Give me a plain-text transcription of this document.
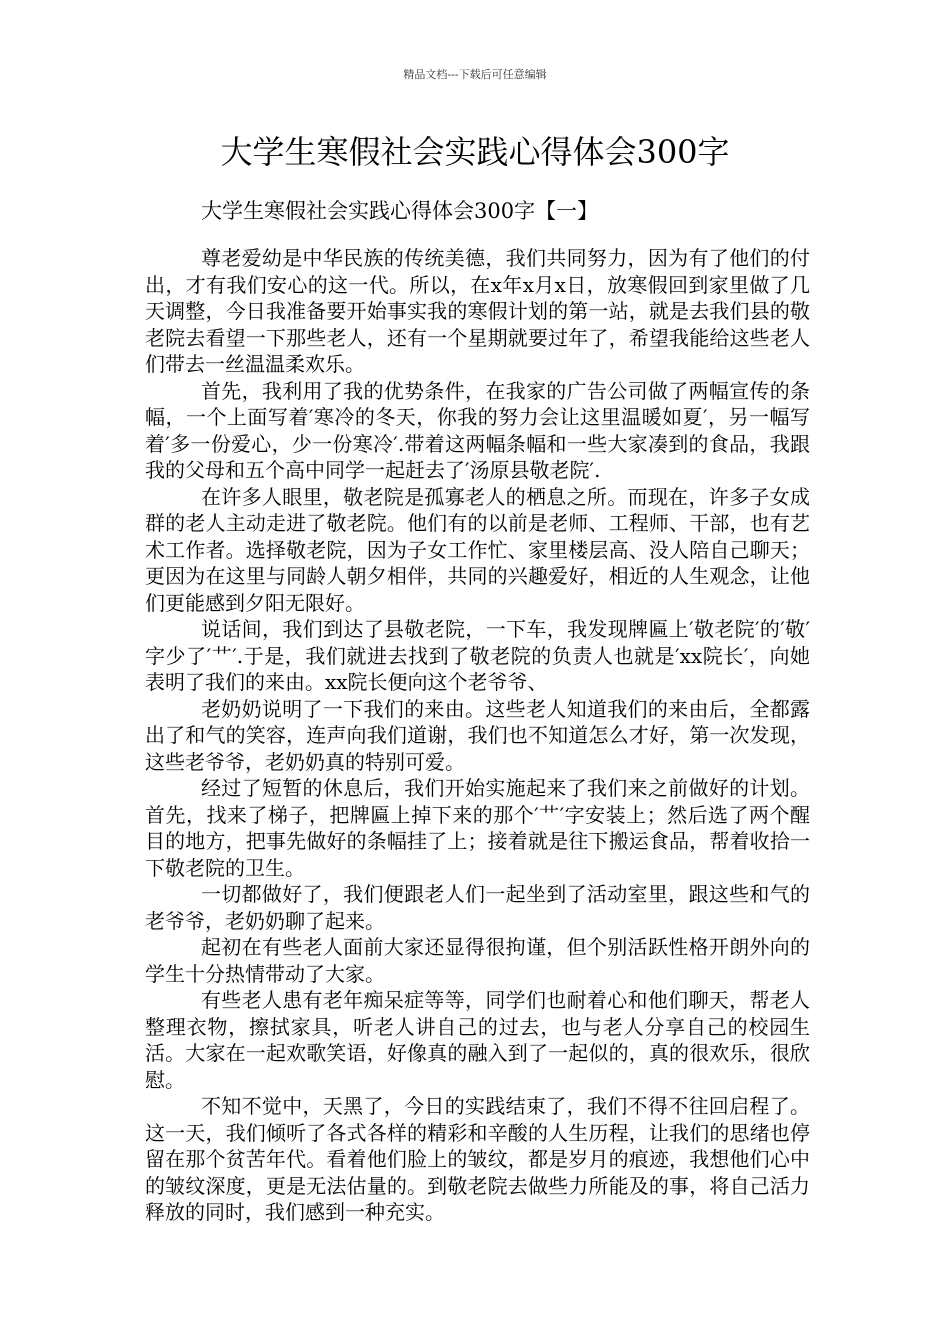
精品文档---下载后可任意编辑
大学生寒假社会实践心得体会300字
大学生寒假社会实践心得体会300字【一】

尊老爱幼是中华民族的传统美德，我们共同努力，因为有了他们的付出，才有我们安心的这一代。所以，在x年x月x日，放寒假回到家里做了几天调整，今日我准备要开始事实我的寒假计划的第一站，就是去我们县的敬老院去看望一下那些老人，还有一个星期就要过年了，希望我能给这些老人们带去一丝温温柔欢乐。

首先，我利用了我的优势条件，在我家的广告公司做了两幅宣传的条幅，一个上面写着′寒冷的冬天，你我的努力会让这里温暖如夏′，另一幅写着′多一份爱心，少一份寒冷′.带着这两幅条幅和一些大家凑到的食品，我跟我的父母和五个高中同学一起赶去了′汤原县敬老院′.

在许多人眼里，敬老院是孤寡老人的栖息之所。而现在，许多子女成群的老人主动走进了敬老院。他们有的以前是老师、工程师、干部，也有艺术工作者。选择敬老院，因为子女工作忙、家里楼层高、没人陪自己聊天；更因为在这里与同龄人朝夕相伴，共同的兴趣爱好，相近的人生观念，让他们更能感到夕阳无限好。

说话间，我们到达了县敬老院，一下车，我发现牌匾上′敬老院′的′敬′字少了′艹′.于是，我们就进去找到了敬老院的负责人也就是′xx院长′，向她表明了我们的来由。xx院长便向这个老爷爷、

老奶奶说明了一下我们的来由。这些老人知道我们的来由后，全都露出了和气的笑容，连声向我们道谢，我们也不知道怎么才好，第一次发现，这些老爷爷，老奶奶真的特别可爱。

经过了短暂的休息后，我们开始实施起来了我们来之前做好的计划。首先，找来了梯子，把牌匾上掉下来的那个′艹′字安装上；然后选了两个醒目的地方，把事先做好的条幅挂了上；接着就是往下搬运食品，帮着收拾一下敬老院的卫生。

一切都做好了，我们便跟老人们一起坐到了活动室里，跟这些和气的老爷爷，老奶奶聊了起来。

起初在有些老人面前大家还显得很拘谨，但个别活跃性格开朗外向的学生十分热情带动了大家。

有些老人患有老年痴呆症等等，同学们也耐着心和他们聊天，帮老人整理衣物，擦拭家具，听老人讲自己的过去，也与老人分享自己的校园生活。大家在一起欢歌笑语，好像真的融入到了一起似的，真的很欢乐，很欣慰。

不知不觉中，天黑了，今日的实践结束了，我们不得不往回启程了。这一天，我们倾听了各式各样的精彩和辛酸的人生历程，让我们的思绪也停留在那个贫苦年代。看着他们脸上的皱纹，都是岁月的痕迹，我想他们心中的皱纹深度，更是无法估量的。到敬老院去做些力所能及的事，将自己活力释放的同时，我们感到一种充实。
